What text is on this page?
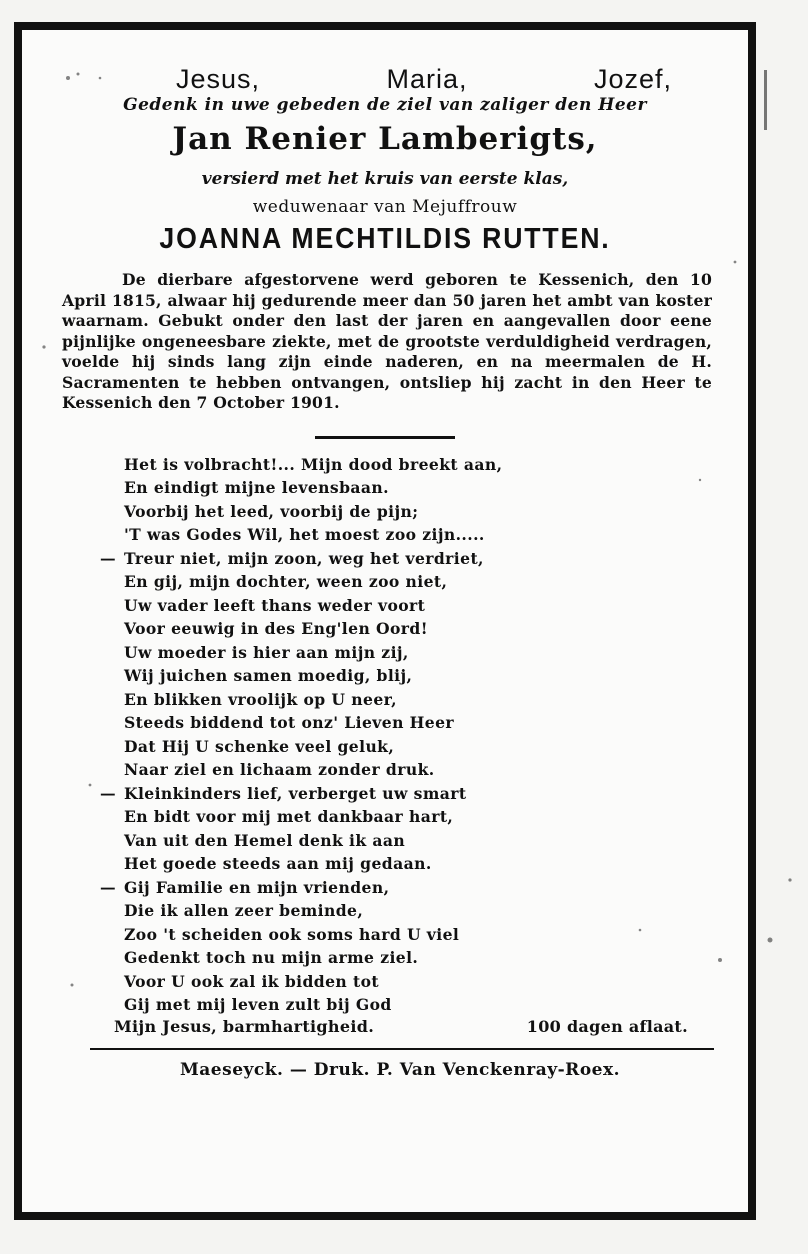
Jesus,	Maria,	Jozef,
Gedenk in uwe gebeden de ziel van zaliger den Heer
Jan Renier Lamberigts,
versierd met het kruis van eerste klas,
weduwenaar van Mejuffrouw
JOANNA MECHTILDIS RUTTEN.

De dierbare afgestorvene werd geboren te Kessenich, den 10 April 1815, alwaar hij gedurende meer dan 50 jaren het ambt van koster waarnam. Gebukt onder den last der jaren en aangevallen door eene pijnlijke ongeneesbare ziekte, met de grootste verduldigheid verdragen, voelde hij sinds lang zijn einde naderen, en na meermalen de H. Sacramenten te hebben ontvangen, ontsliep hij zacht in den Heer te Kessenich den 7 October 1901.

Het is volbracht!... Mijn dood breekt aan,
En eindigt mijne levensbaan.
Voorbij het leed, voorbij de pijn;
'T was Godes Wil, het moest zoo zijn.....
— Treur niet, mijn zoon, weg het verdriet,
En gij, mijn dochter, ween zoo niet,
Uw vader leeft thans weder voort
Voor eeuwig in des Eng'len Oord!
Uw moeder is hier aan mijn zij,
Wij juichen samen moedig, blij,
En blikken vroolijk op U neer,
Steeds biddend tot onz' Lieven Heer
Dat Hij U schenke veel geluk,
Naar ziel en lichaam zonder druk.
— Kleinkinders lief, verberget uw smart
En bidt voor mij met dankbaar hart,
Van uit den Hemel denk ik aan
Het goede steeds aan mij gedaan.
— Gij Familie en mijn vrienden,
Die ik allen zeer beminde,
Zoo 't scheiden ook soms hard U viel
Gedenkt toch nu mijn arme ziel.
Voor U ook zal ik bidden tot
Gij met mij leven zult bij God
Mijn Jesus, barmhartigheid.	100 dagen aflaat.
Maeseyck. — Druk. P. Van Venckenray-Roex.
